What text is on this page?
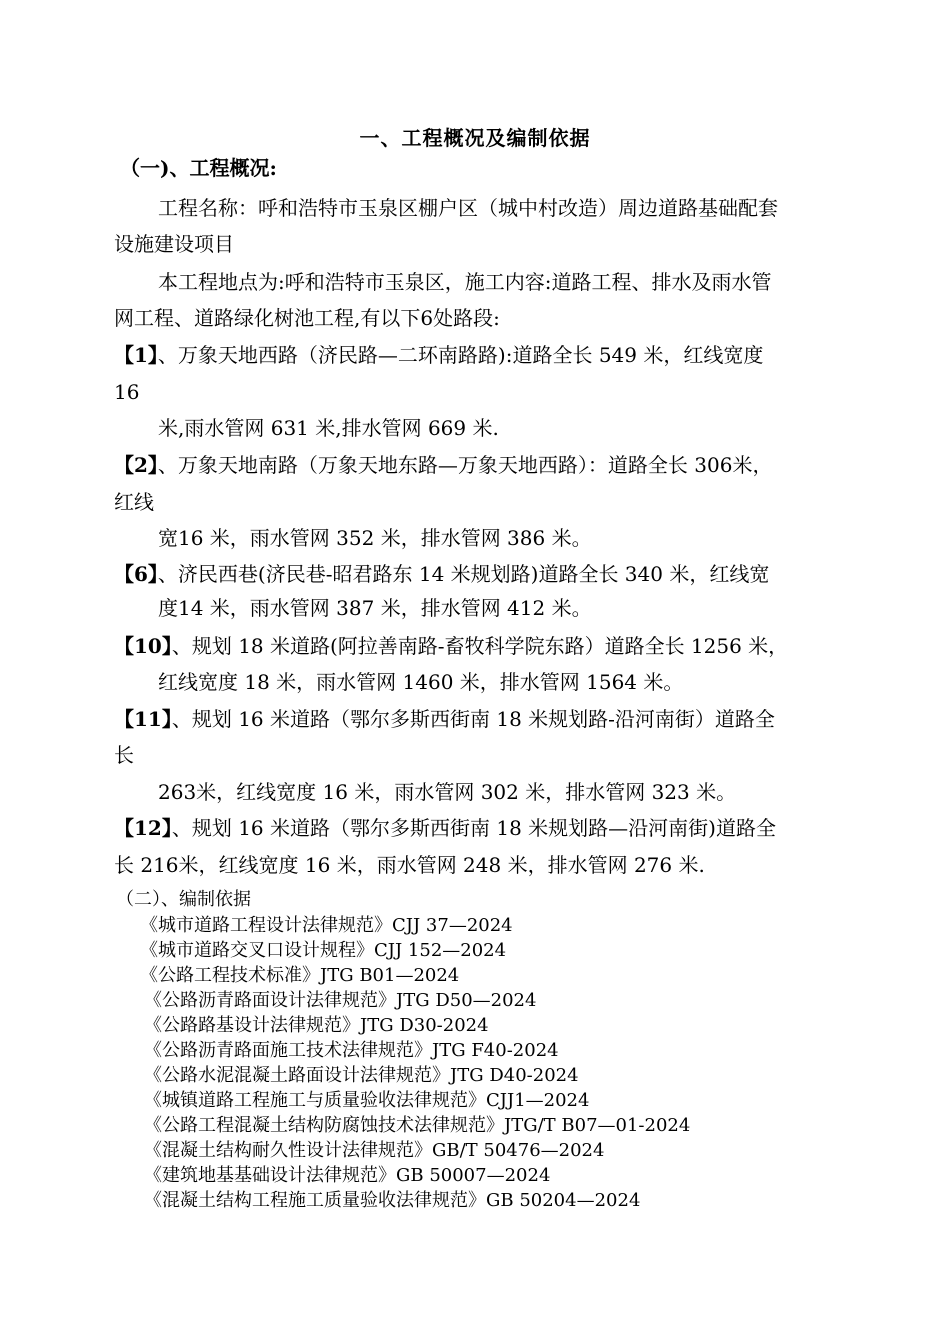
一、工程概况及编制依据
（一)、工程概况:
工程名称：呼和浩特市玉泉区棚户区（城中村改造）周边道路基础配套
设施建设项目
本工程地点为:呼和浩特市玉泉区，施工内容:道路工程、排水及雨水管
网工程、道路绿化树池工程,有以下6处路段:
【1】、万象天地西路（济民路—二环南路路):道路全长 549 米，红线宽度
16
米,雨水管网 631 米,排水管网 669 米.
【2】、万象天地南路（万象天地东路—万象天地西路）：道路全长 306米，
红线
宽16 米，雨水管网 352 米，排水管网 386 米。
【6】、济民西巷(济民巷-昭君路东 14 米规划路)道路全长 340 米，红线宽
度14 米，雨水管网 387 米，排水管网 412 米。
【10】、规划 18 米道路(阿拉善南路-畜牧科学院东路）道路全长 1256 米，
红线宽度 18 米，雨水管网 1460 米，排水管网 1564 米。
【11】、规划 16 米道路（鄂尔多斯西街南 18 米规划路-沿河南街）道路全
长
263米，红线宽度 16 米，雨水管网 302 米，排水管网 323 米。
【12】、规划 16 米道路（鄂尔多斯西街南 18 米规划路—沿河南街)道路全
长 216米，红线宽度 16 米，雨水管网 248 米，排水管网 276 米.
（二）、编制依据
《城市道路工程设计法律规范》CJJ 37—2024
《城市道路交叉口设计规程》CJJ 152—2024
《公路工程技术标准》JTG B01—2024
《公路沥青路面设计法律规范》JTG D50—2024
《公路路基设计法律规范》JTG D30-2024
《公路沥青路面施工技术法律规范》JTG F40-2024
《公路水泥混凝土路面设计法律规范》JTG D40-2024
《城镇道路工程施工与质量验收法律规范》CJJ1—2024
《公路工程混凝土结构防腐蚀技术法律规范》JTG/T B07—01-2024
《混凝土结构耐久性设计法律规范》GB/T 50476—2024
《建筑地基基础设计法律规范》GB 50007—2024
《混凝土结构工程施工质量验收法律规范》GB 50204—2024
